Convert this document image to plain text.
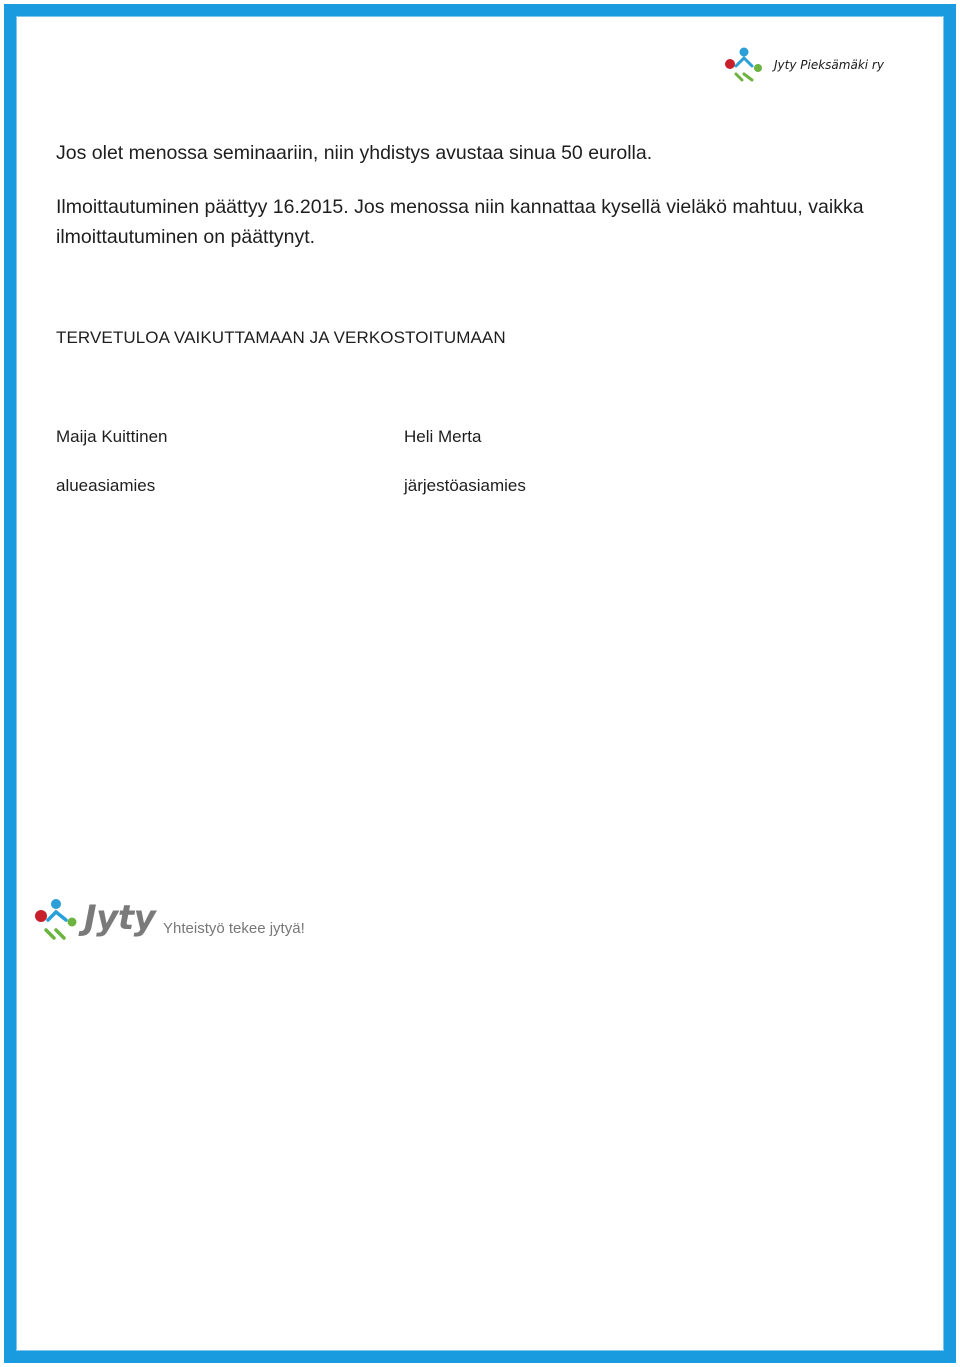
Jyty Pieksämäki ry

Jos olet menossa seminaariin, niin yhdistys avustaa sinua 50 eurolla.

Ilmoittautuminen päättyy 16.2015. Jos menossa niin kannattaa kysellä vieläkö mahtuu, vaikka ilmoittautuminen on päättynyt.

TERVETULOA VAIKUTTAMAAN JA VERKOSTOITUMAAN
Maija Kuittinen
alueasiamies
Heli Merta
järjestöasiamies
Jyty Yhteistyö tekee jytyä!
